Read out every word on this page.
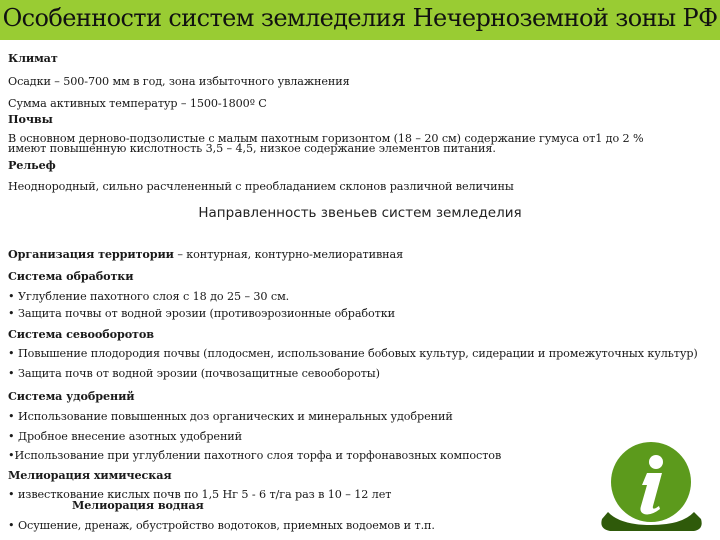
Особенности систем земледелия Нечерноземной зоны РФ
Климат
Осадки – 500-700 мм в год, зона избыточного увлажнения
Сумма активных температур – 1500-1800º С
Почвы
В основном дерново-подзолистые с малым пахотным горизонтом (18 – 20 см) содержание гумуса от1 до 2 %
имеют повышенную кислотность 3,5 – 4,5, низкое содержание элементов питания.
Рельеф
Неоднородный, сильно расчлененный с преобладанием склонов различной величины
Направленность звеньев систем земледелия
Организация территории – контурная, контурно-мелиоративная
Система обработки
• Углубление пахотного слоя с 18 до 25 – 30 см.
• Защита почвы от водной эрозии (противоэрозионные обработки
Система севооборотов
• Повышение плодородия почвы (плодосмен, использование бобовых культур, сидерации и промежуточных культур)
• Защита почв от водной эрозии (почвозащитные севообороты)
Система удобрений
• Использование повышенных доз органических и минеральных удобрений
• Дробное внесение азотных удобрений
•Использование при углублении пахотного слоя торфа и торфонавозных компостов
Мелиорация химическая
• известкование кислых почв по 1,5 Нг 5 - 6 т/га раз в 10 – 12 лет
Мелиорация водная
• Осушение, дренаж, обустройство водотоков, приемных водоемов и т.п.
